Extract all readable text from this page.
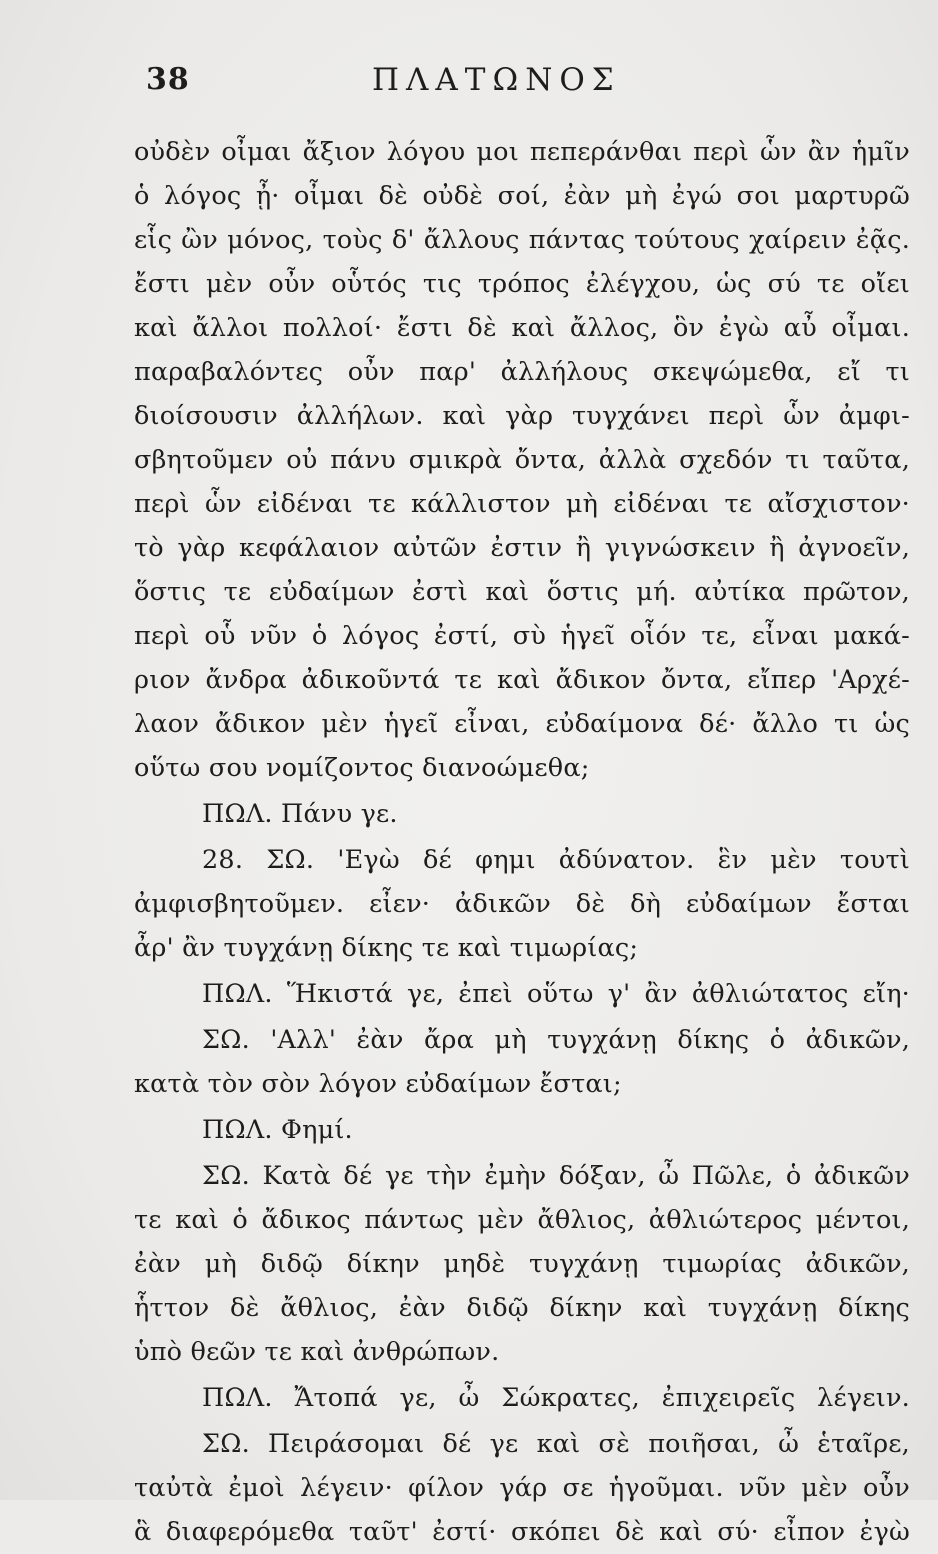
38	ΠΛΑΤΩΝΟΣ
οὐδὲν οἶμαι ἄξιον λόγου μοι πεπεράνθαι περὶ ὧν ἂν ἡμῖν
ὁ λόγος ᾖ· οἶμαι δὲ οὐδὲ σοί, ἐὰν μὴ ἐγώ σοι μαρτυρῶ
εἷς ὢν μόνος, τοὺς δ' ἄλλους πάντας τούτους χαίρειν ἐᾷς.
ἔστι μὲν οὖν οὗτός τις τρόπος ἐλέγχου, ὡς σύ τε οἴει
καὶ ἄλλοι πολλοί· ἔστι δὲ καὶ ἄλλος, ὃν ἐγὼ αὖ οἶμαι.
παραβαλόντες οὖν παρ' ἀλλήλους σκεψώμεθα, εἴ τι
διοίσουσιν ἀλλήλων. καὶ γὰρ τυγχάνει περὶ ὧν ἀμφι-
σβητοῦμεν οὐ πάνυ σμικρὰ ὄντα, ἀλλὰ σχεδόν τι ταῦτα,
περὶ ὧν εἰδέναι τε κάλλιστον μὴ εἰδέναι τε αἴσχιστον·
τὸ γὰρ κεφάλαιον αὐτῶν ἐστιν ἢ γιγνώσκειν ἢ ἀγνοεῖν,
ὅστις τε εὐδαίμων ἐστὶ καὶ ὅστις μή. αὐτίκα πρῶτον,
περὶ οὗ νῦν ὁ λόγος ἐστί, σὺ ἡγεῖ οἷόν τε, εἶναι μακά-
ριον ἄνδρα ἀδικοῦντά τε καὶ ἄδικον ὄντα, εἴπερ 'Αρχέ-
λαον ἄδικον μὲν ἡγεῖ εἶναι, εὐδαίμονα δέ· ἄλλο τι ὡς
οὕτω σου νομίζοντος διανοώμεθα;
ΠΩΛ. Πάνυ γε.
28. ΣΩ. 'Εγὼ δέ φημι ἀδύνατον. ἓν μὲν τουτὶ
ἀμφισβητοῦμεν. εἶεν· ἀδικῶν δὲ δὴ εὐδαίμων ἔσται
ἆρ' ἂν τυγχάνῃ δίκης τε καὶ τιμωρίας;
ΠΩΛ. Ἥκιστά γε, ἐπεὶ οὕτω γ' ἂν ἀθλιώτατος εἴη·
ΣΩ. 'Αλλ' ἐὰν ἄρα μὴ τυγχάνῃ δίκης ὁ ἀδικῶν,
κατὰ τὸν σὸν λόγον εὐδαίμων ἔσται;
ΠΩΛ. Φημί.
ΣΩ. Κατὰ δέ γε τὴν ἐμὴν δόξαν, ὦ Πῶλε, ὁ ἀδικῶν
τε καὶ ὁ ἄδικος πάντως μὲν ἄθλιος, ἀθλιώτερος μέντοι,
ἐὰν μὴ διδῷ δίκην μηδὲ τυγχάνῃ τιμωρίας ἀδικῶν,
ἧττον δὲ ἄθλιος, ἐὰν διδῷ δίκην καὶ τυγχάνῃ δίκης
ὑπὸ θεῶν τε καὶ ἀνθρώπων.
ΠΩΛ. Ἄτοπά γε, ὦ Σώκρατες, ἐπιχειρεῖς λέγειν.
ΣΩ. Πειράσομαι δέ γε καὶ σὲ ποιῆσαι, ὦ ἑταῖρε,
ταὐτὰ ἐμοὶ λέγειν· φίλον γάρ σε ἡγοῦμαι. νῦν μὲν οὖν
ἃ διαφερόμεθα ταῦτ' ἐστί· σκόπει δὲ καὶ σύ· εἶπον ἐγὼ
